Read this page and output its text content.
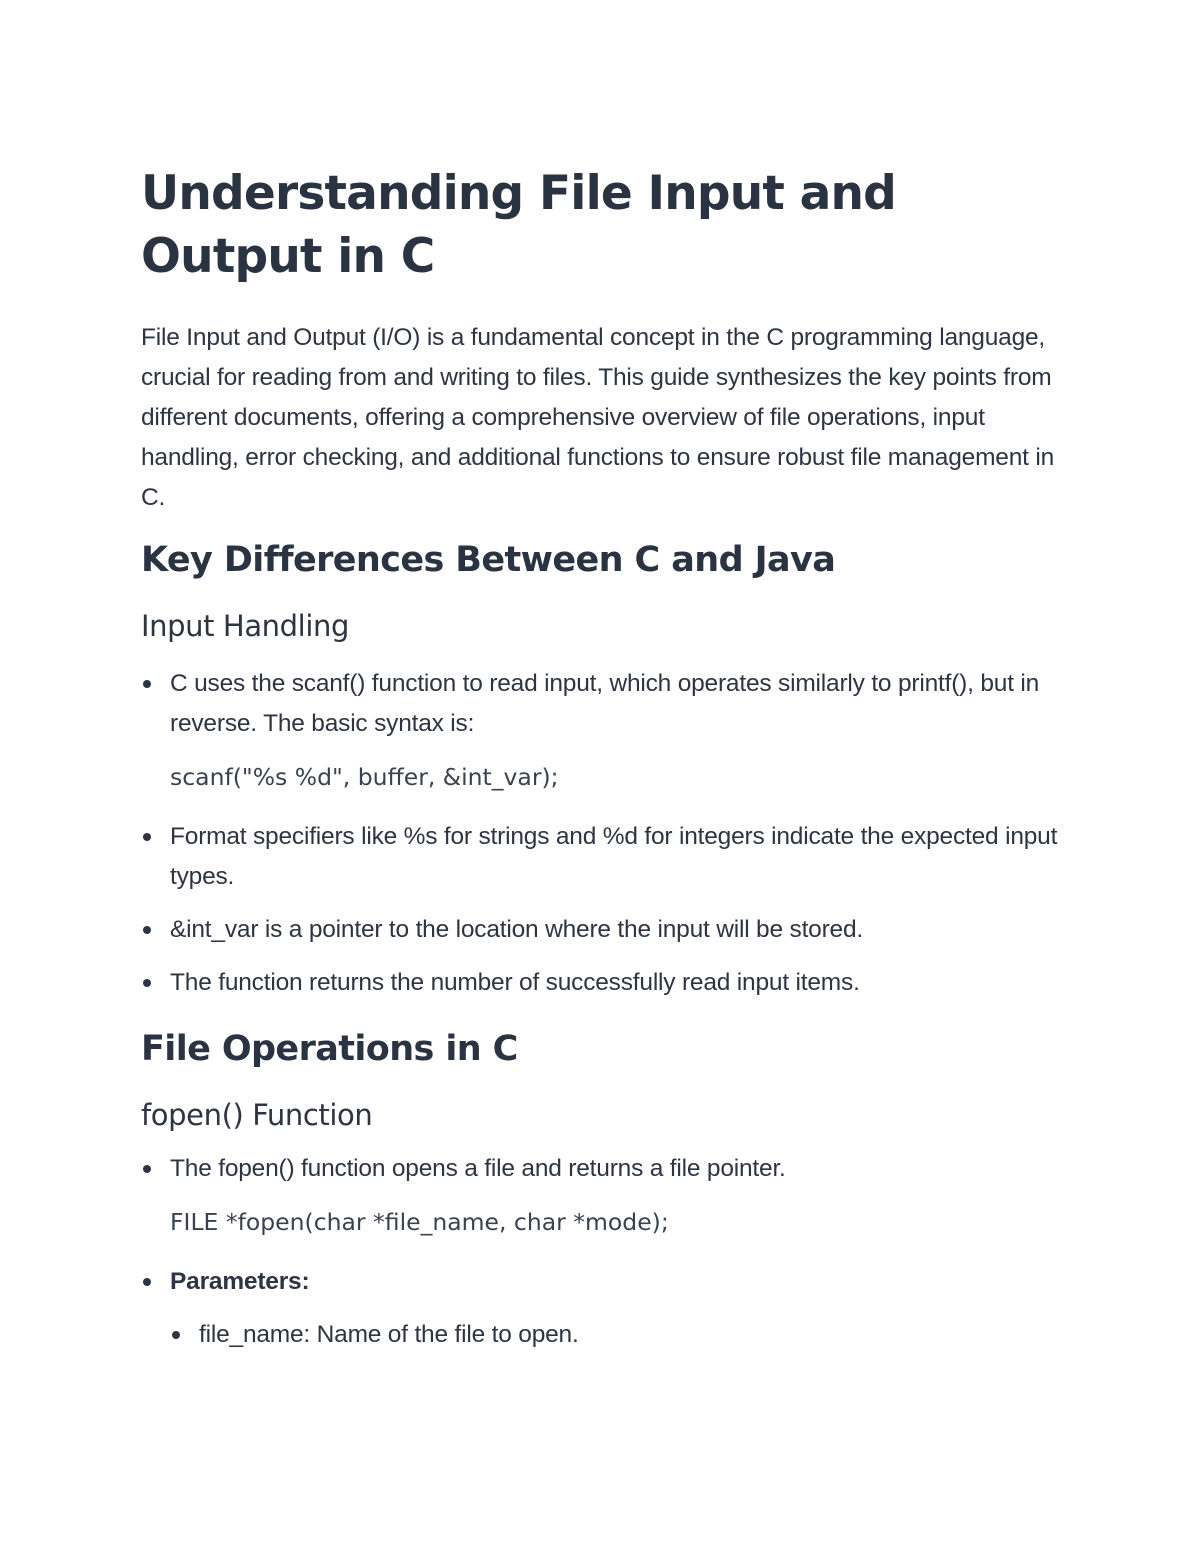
Understanding File Input and Output in C

File Input and Output (I/O) is a fundamental concept in the C programming language, crucial for reading from and writing to files. This guide synthesizes the key points from different documents, offering a comprehensive overview of file operations, input handling, error checking, and additional functions to ensure robust file management in C.

Key Differences Between C and Java
Input Handling
C uses the scanf() function to read input, which operates similarly to printf(), but in reverse. The basic syntax is:
scanf("%s %d", buffer, &int_var);
Format specifiers like %s for strings and %d for integers indicate the expected input types.
&int_var is a pointer to the location where the input will be stored.
The function returns the number of successfully read input items.
File Operations in C
fopen() Function
The fopen() function opens a file and returns a file pointer.
FILE *fopen(char *file_name, char *mode);
Parameters:
file_name: Name of the file to open.
